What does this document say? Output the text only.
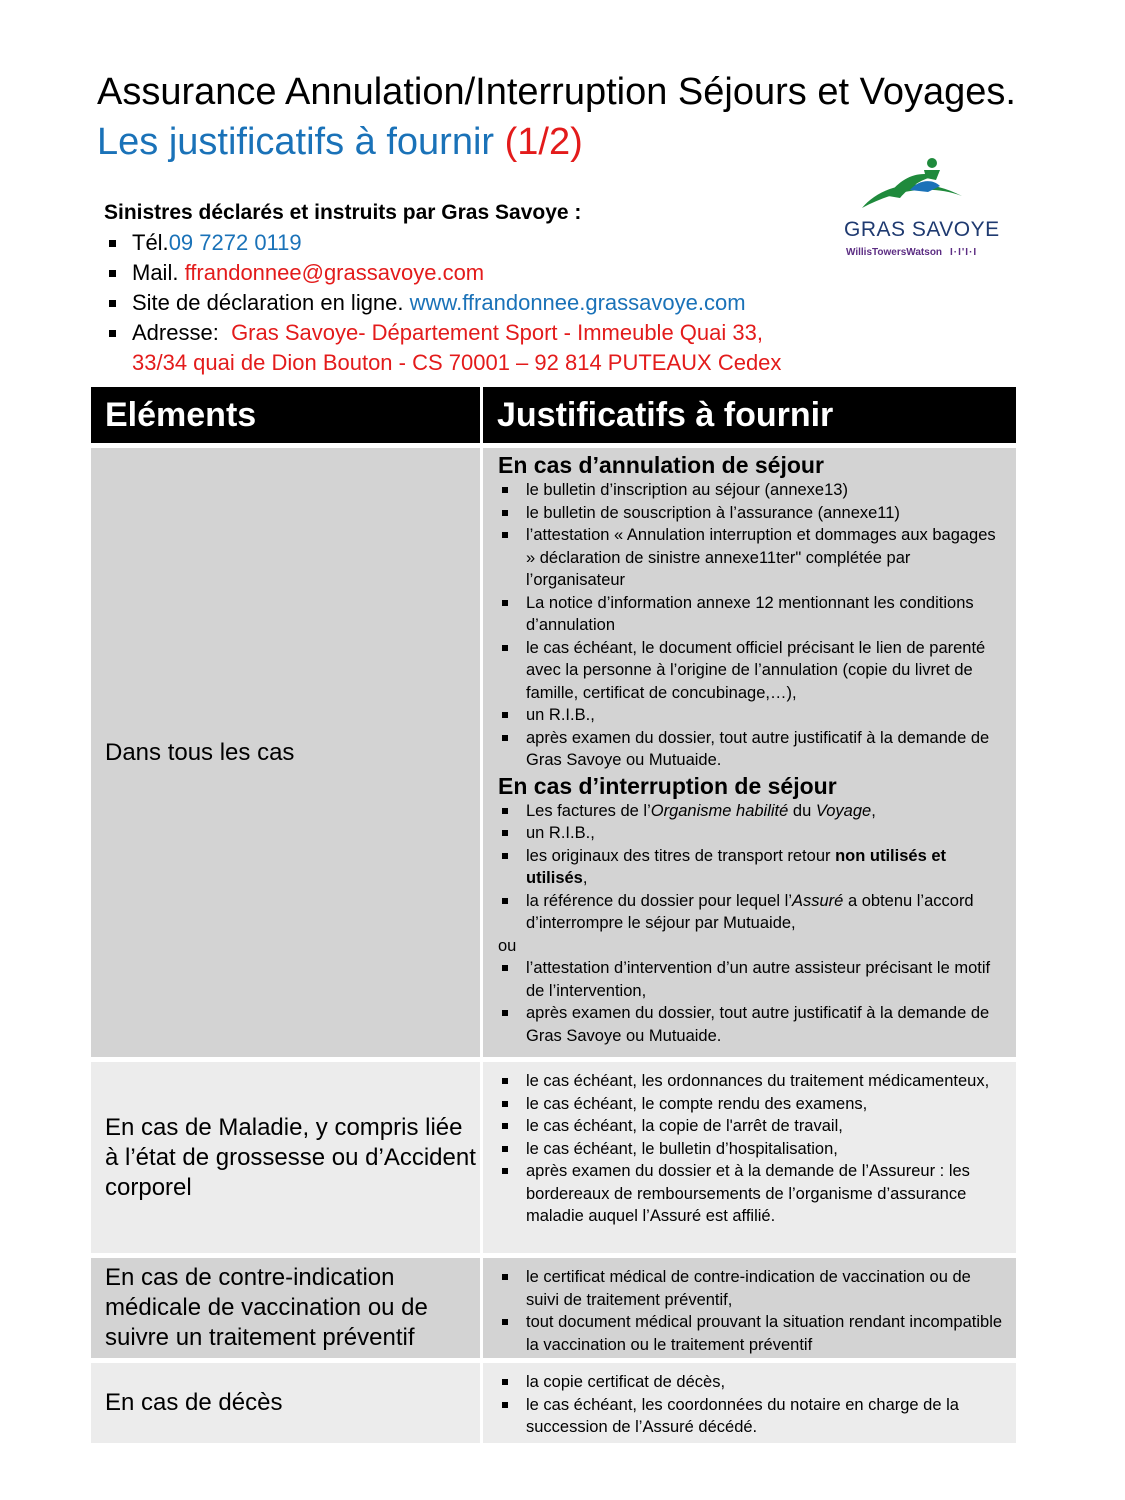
Assurance Annulation/Interruption Séjours et Voyages.
Les justificatifs à fournir (1/2)
GRAS SAVOYE
WillisTowersWatson I·I'I·I
Sinistres déclarés et instruits par Gras Savoye :
Tél.09 7272 0119
Mail. ffrandonnee@grassavoye.com
Site de déclaration en ligne. www.ffrandonnee.grassavoye.com
Adresse: Gras Savoye- Département Sport - Immeuble Quai 33,
33/34 quai de Dion Bouton - CS 70001 – 92 814 PUTEAUX Cedex
Eléments	Justificatifs à fournir
Dans tous les cas
En cas d’annulation de séjour
le bulletin d’inscription au séjour (annexe13)
le bulletin de souscription à l’assurance (annexe11)
l’attestation « Annulation interruption et dommages aux bagages » déclaration de sinistre annexe11ter" complétée par l’organisateur
La notice d’information annexe 12 mentionnant les conditions d’annulation
le cas échéant, le document officiel précisant le lien de parenté avec la personne à l’origine de l’annulation (copie du livret de famille, certificat de concubinage,…),
un R.I.B.,
après examen du dossier, tout autre justificatif à la demande de Gras Savoye ou Mutuaide.
En cas d’interruption de séjour
Les factures de l’Organisme habilité du Voyage,
un R.I.B.,
les originaux des titres de transport retour non utilisés et utilisés,
la référence du dossier pour lequel l’Assuré a obtenu l’accord d’interrompre le séjour par Mutuaide,
ou
l’attestation d’intervention d’un autre assisteur précisant le motif de l’intervention,
après examen du dossier, tout autre justificatif à la demande de Gras Savoye ou Mutuaide.
En cas de Maladie, y compris liée à l’état de grossesse ou d’Accident corporel
le cas échéant, les ordonnances du traitement médicamenteux,
le cas échéant, le compte rendu des examens,
le cas échéant, la copie de l'arrêt de travail,
le cas échéant, le bulletin d’hospitalisation,
après examen du dossier et à la demande de l’Assureur : les bordereaux de remboursements de l’organisme d’assurance maladie auquel l’Assuré est affilié.
En cas de contre-indication médicale de vaccination ou de suivre un traitement préventif
le certificat médical de contre-indication de vaccination ou de suivi de traitement préventif,
tout document médical prouvant la situation rendant incompatible la vaccination ou le traitement préventif
En cas de décès
la copie certificat de décès,
le cas échéant, les coordonnées du notaire en charge de la succession de l’Assuré décédé.
